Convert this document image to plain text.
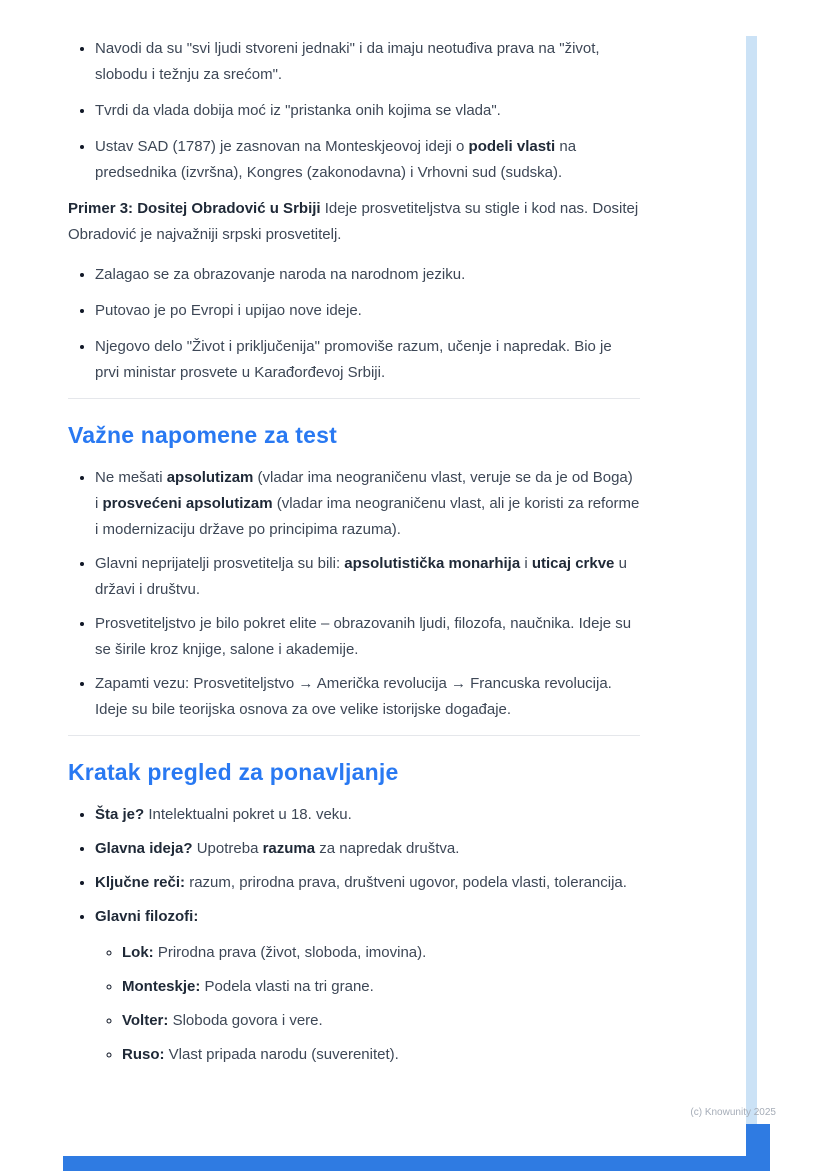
• Navodi da su "svi ljudi stvoreni jednaki" i da imaju neotuđiva prava na "život, slobodu i težnju za srećom".
• Tvrdi da vlada dobija moć iz "pristanka onih kojima se vlada".
• Ustav SAD (1787) je zasnovan na Monteskjeovoj ideji o podeli vlasti na predsednika (izvršna), Kongres (zakonodavna) i Vrhovni sud (sudska).

Primer 3: Dositej Obradović u Srbiji Ideje prosvetiteljstva su stigle i kod nas. Dositej Obradović je najvažniji srpski prosvetitelj.

• Zalagao se za obrazovanje naroda na narodnom jeziku.
• Putovao je po Evropi i upijao nove ideje.
• Njegovo delo "Život i priključenija" promoviše razum, učenje i napredak. Bio je prvi ministar prosvete u Karađorđevoj Srbiji.
Važne napomene za test
• Ne mešati apsolutizam (vladar ima neograničenu vlast, veruje se da je od Boga) i prosvećeni apsolutizam (vladar ima neograničenu vlast, ali je koristi za reforme i modernizaciju države po principima razuma).
• Glavni neprijatelji prosvetitelja su bili: apsolutistička monarhija i uticaj crkve u državi i društvu.
• Prosvetiteljstvo je bilo pokret elite – obrazovanih ljudi, filozofa, naučnika. Ideje su se širile kroz knjige, salone i akademije.
• Zapamti vezu: Prosvetiteljstvo → Američka revolucija → Francuska revolucija. Ideje su bile teorijska osnova za ove velike istorijske događaje.
Kratak pregled za ponavljanje
• Šta je? Intelektualni pokret u 18. veku.
• Glavna ideja? Upotreba razuma za napredak društva.
• Ključne reči: razum, prirodna prava, društveni ugovor, podela vlasti, tolerancija.
• Glavni filozofi:
◦ Lok: Prirodna prava (život, sloboda, imovina).
◦ Monteskje: Podela vlasti na tri grane.
◦ Volter: Sloboda govora i vere.
◦ Ruso: Vlast pripada narodu (suverenitet).
(c) Knowunity 2025
